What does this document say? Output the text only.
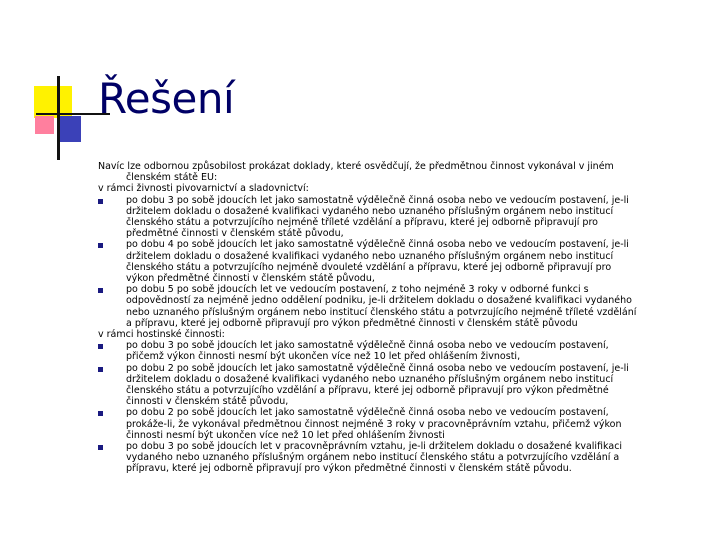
Řešení

Navíc lze odbornou způsobilost prokázat doklady, které osvědčují, že předmětnou činnost vykonával v jiném

členském státě EU:

v rámci živnosti pivovarnictví a sladovnictví:

po dobu 3 po sobě jdoucích let jako samostatně výdělečně činná osoba nebo ve vedoucím postavení, je-li
držitelem dokladu o dosažené kvalifikaci vydaného nebo uznaného příslušným orgánem nebo institucí
členského státu a potvrzujícího nejméně tříleté vzdělání a přípravu, které jej odborně připravují pro
předmětné činnosti v členském státě původu,
po dobu 4 po sobě jdoucích let jako samostatně výdělečně činná osoba nebo ve vedoucím postavení, je-li
držitelem dokladu o dosažené kvalifikaci vydaného nebo uznaného příslušným orgánem nebo institucí
členského státu a potvrzujícího nejméně dvouleté vzdělání a přípravu, které jej odborně připravují pro
výkon předmětné činnosti v členském státě původu,
po dobu 5 po sobě jdoucích let ve vedoucím postavení, z toho nejméně 3 roky v odborné funkci s
odpovědností za nejméně jedno oddělení podniku, je-li držitelem dokladu o dosažené kvalifikaci vydaného
nebo uznaného příslušným orgánem nebo institucí členského státu a potvrzujícího nejméně tříleté vzdělání
a přípravu, které jej odborně připravují pro výkon předmětné činnosti v členském státě původu

v rámci hostinské činnosti:

po dobu 3 po sobě jdoucích let jako samostatně výdělečně činná osoba nebo ve vedoucím postavení,
přičemž výkon činnosti nesmí být ukončen více než 10 let před ohlášením živnosti,
po dobu 2 po sobě jdoucích let jako samostatně výdělečně činná osoba nebo ve vedoucím postavení, je-li
držitelem dokladu o dosažené kvalifikaci vydaného nebo uznaného příslušným orgánem nebo institucí
členského státu a potvrzujícího vzdělání a přípravu, které jej odborně připravují pro výkon předmětné
činnosti v členském státě původu,
po dobu 2 po sobě jdoucích let jako samostatně výdělečně činná osoba nebo ve vedoucím postavení,
prokáže-li, že vykonával předmětnou činnost nejméně 3 roky v pracovněprávním vztahu, přičemž výkon
činnosti nesmí být ukončen více než 10 let před ohlášením živnosti
po dobu 3 po sobě jdoucích let v pracovněprávním vztahu, je-li držitelem dokladu o dosažené kvalifikaci
vydaného nebo uznaného příslušným orgánem nebo institucí členského státu a potvrzujícího vzdělání a
přípravu, které jej odborně připravují pro výkon předmětné činnosti v členském státě původu.
